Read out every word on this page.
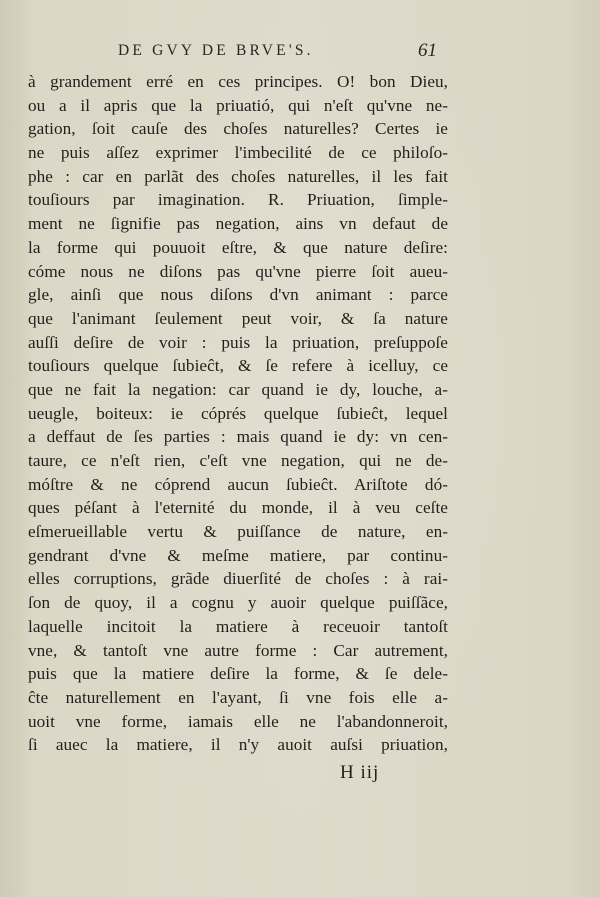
DE GVY DE BRVE'S.	61
à grandement erré en ces principes. O! bon Dieu,
ou a il apris que la priuatió, qui n'eſt qu'vne ne-
gation, ſoit cauſe des choſes naturelles? Certes ie
ne puis aſſez exprimer l'imbecilité de ce philoſo-
phe : car en parlãt des choſes naturelles, il les fait
touſiours par imagination. R. Priuation, ſimple-
ment ne ſignifie pas negation, ains vn defaut de
la forme qui pouuoit eſtre, & que nature deſire:
cóme nous ne diſons pas qu'vne pierre ſoit aueu-
gle, ainſi que nous diſons d'vn animant : parce
que l'animant ſeulement peut voir, & ſa nature
auſſi deſire de voir : puis la priuation, preſuppoſe
touſiours quelque ſubieĉt, & ſe refere à icelluy, ce
que ne fait la negation: car quand ie dy, louche, a-
ueugle, boiteux: ie cóprés quelque ſubieĉt, lequel
a deffaut de ſes parties : mais quand ie dy: vn cen-
taure, ce n'eſt rien, c'eſt vne negation, qui ne de-
móſtre & ne cóprend aucun ſubieĉt. Ariſtote dó-
ques péſant à l'eternité du monde, il à veu ceſte
eſmerueillable vertu & puiſſance de nature, en-
gendrant d'vne & meſme matiere, par continu-
elles corruptions, grãde diuerſité de choſes : à rai-
ſon de quoy, il a cognu y auoir quelque puiſſãce,
laquelle incitoit la matiere à receuoir tantoſt
vne, & tantoſt vne autre forme : Car autrement,
puis que la matiere deſire la forme, & ſe dele-
ĉte naturellement en l'ayant, ſi vne fois elle a-
uoit vne forme, iamais elle ne l'abandonneroit,
ſi auec la matiere, il n'y auoit auſsi priuation,
H iij
